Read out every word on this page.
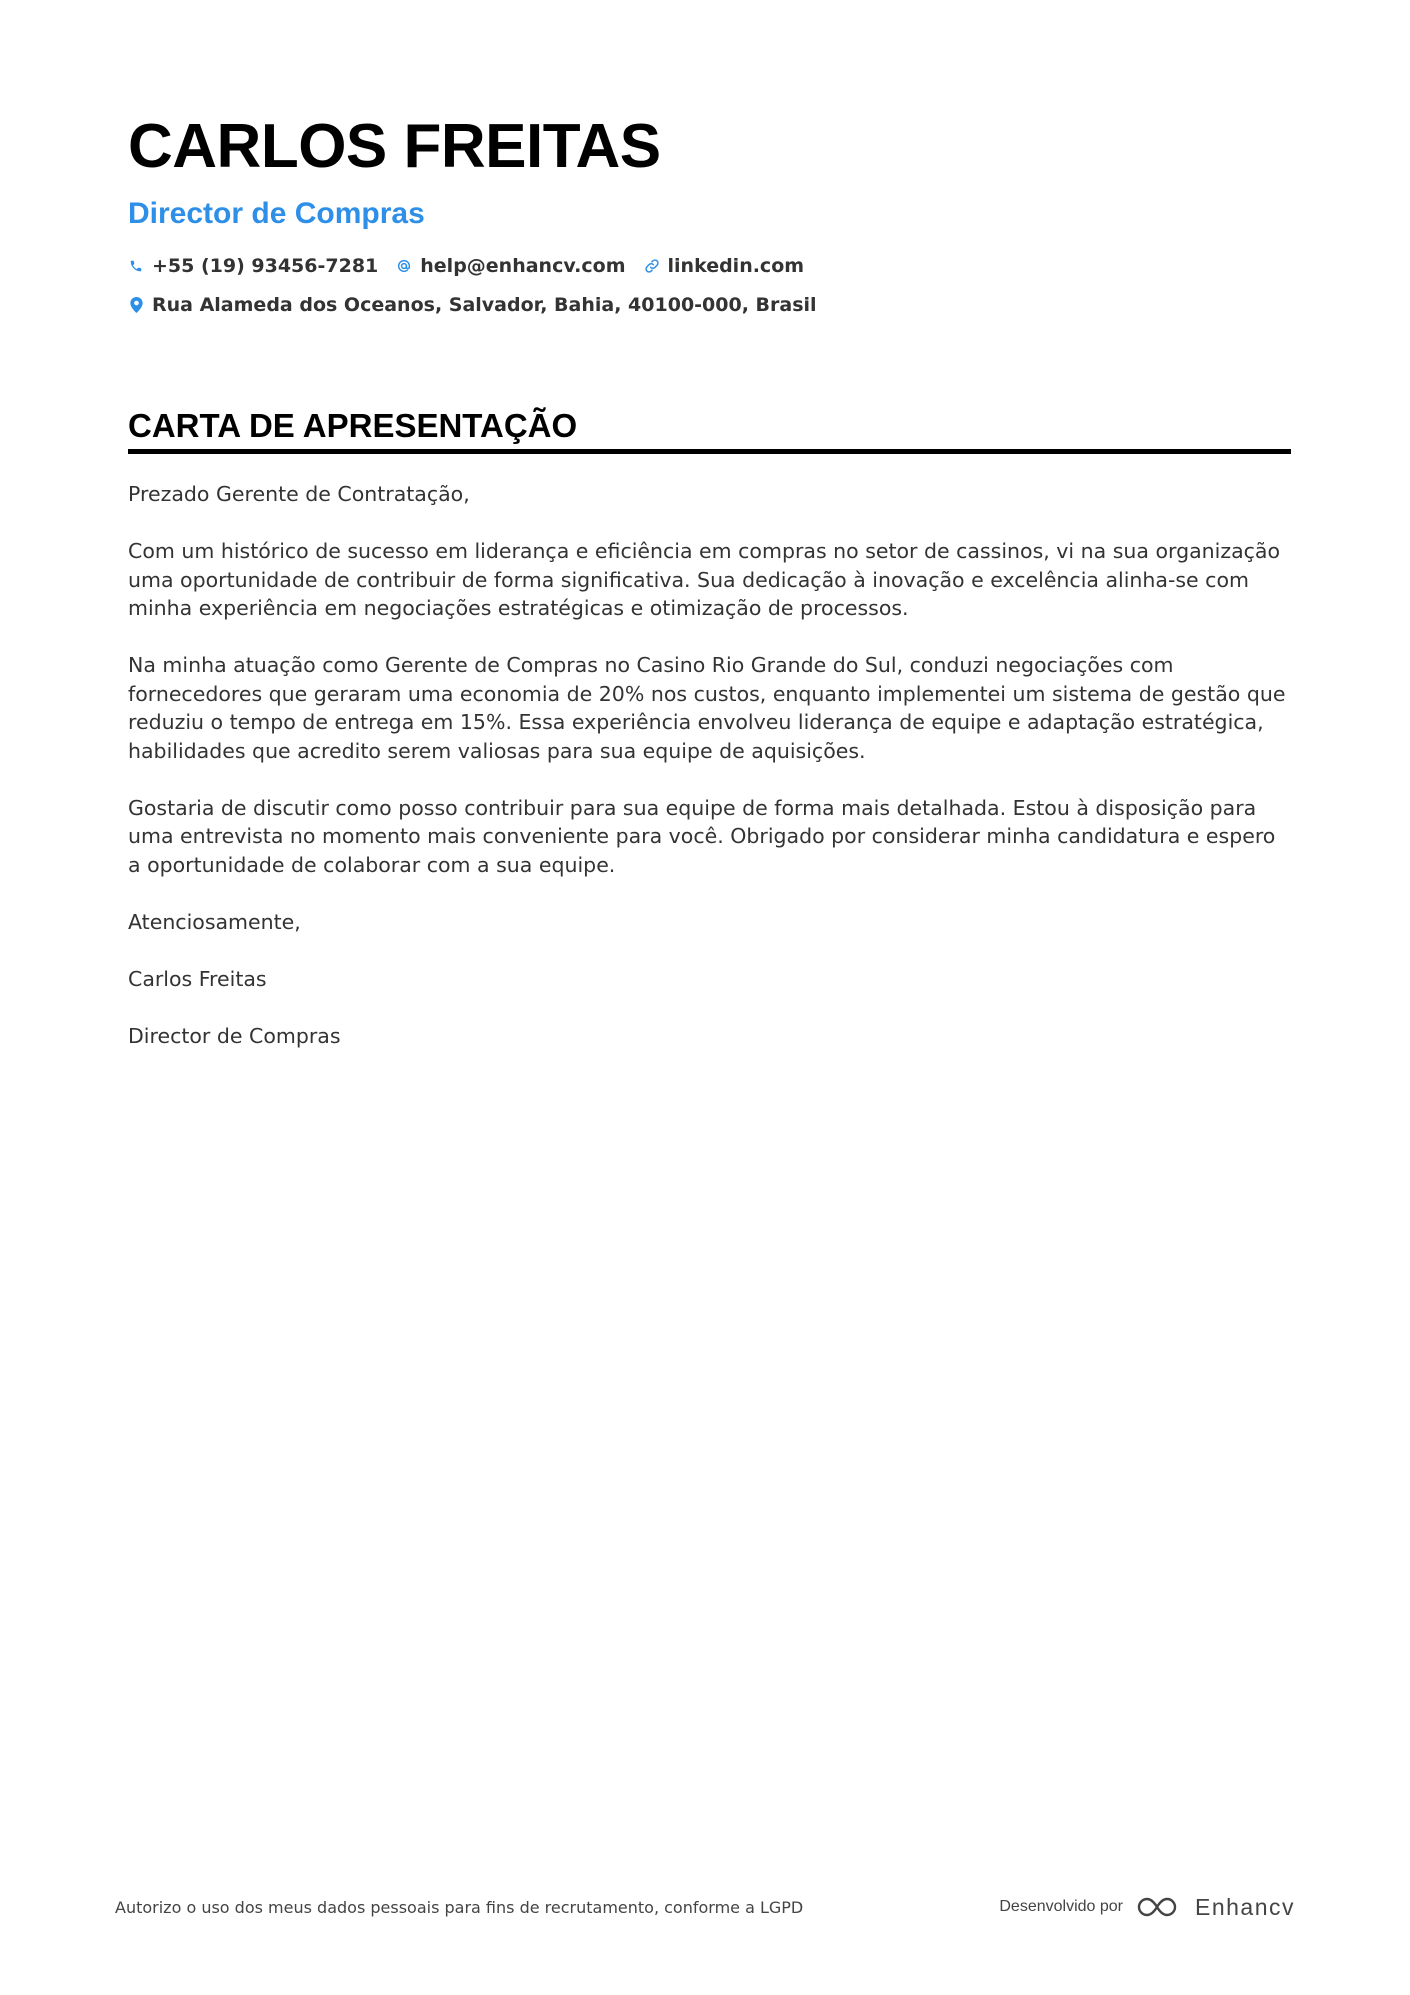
CARLOS FREITAS
Director de Compras
+55 (19) 93456-7281 help@enhancv.com linkedin.com
Rua Alameda dos Oceanos, Salvador, Bahia, 40100-000, Brasil
CARTA DE APRESENTAÇÃO

Prezado Gerente de Contratação,

Com um histórico de sucesso em liderança e eficiência em compras no setor de cassinos, vi na sua organização uma oportunidade de contribuir de forma significativa. Sua dedicação à inovação e excelência alinha-se com minha experiência em negociações estratégicas e otimização de processos.

Na minha atuação como Gerente de Compras no Casino Rio Grande do Sul, conduzi negociações com fornecedores que geraram uma economia de 20% nos custos, enquanto implementei um sistema de gestão que reduziu o tempo de entrega em 15%. Essa experiência envolveu liderança de equipe e adaptação estratégica, habilidades que acredito serem valiosas para sua equipe de aquisições.

Gostaria de discutir como posso contribuir para sua equipe de forma mais detalhada. Estou à disposição para uma entrevista no momento mais conveniente para você. Obrigado por considerar minha candidatura e espero a oportunidade de colaborar com a sua equipe.

Atenciosamente,

Carlos Freitas

Director de Compras

Autorizo o uso dos meus dados pessoais para fins de recrutamento, conforme a LGPD	Desenvolvido por	Enhancv
